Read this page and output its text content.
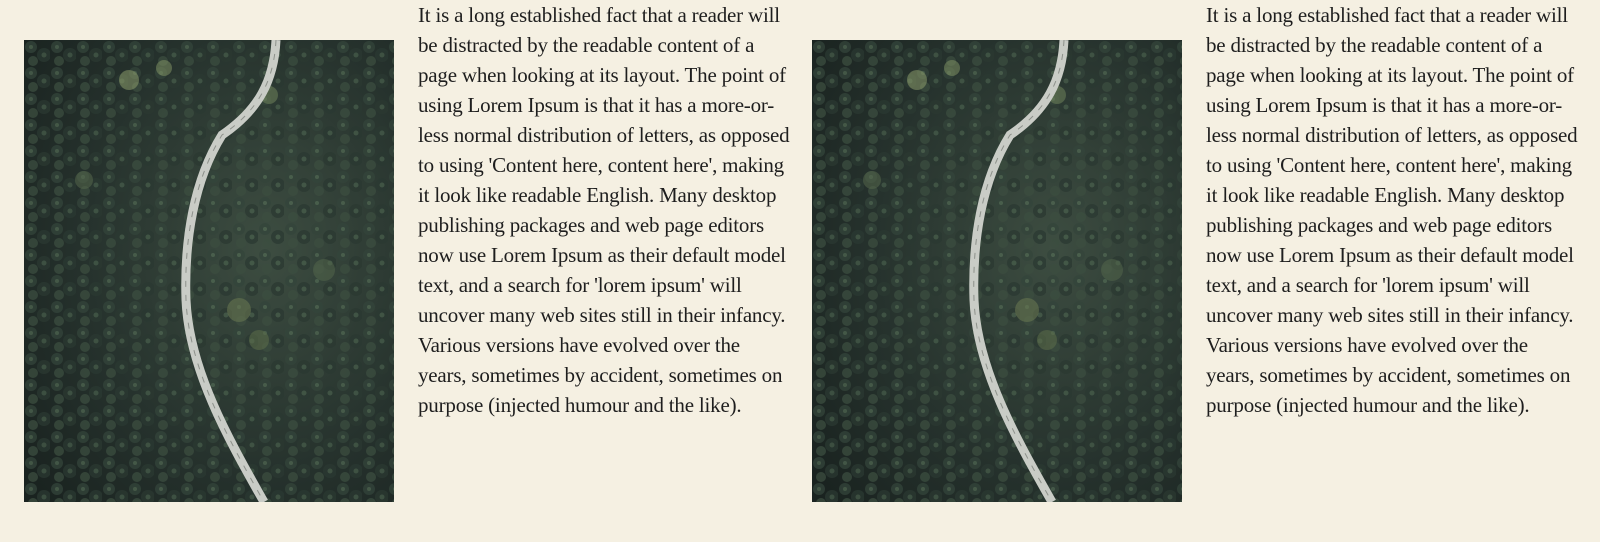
It is a long established fact that a reader will be distracted by the readable content of a page when looking at its layout. The point of using Lorem Ipsum is that it has a more-or-less normal distribution of letters, as opposed to using 'Content here, content here', making it look like readable English. Many desktop publishing packages and web page editors now use Lorem Ipsum as their default model text, and a search for 'lorem ipsum' will uncover many web sites still in their infancy. Various versions have evolved over the years, sometimes by accident, sometimes on purpose (injected humour and the like).

It is a long established fact that a reader will be distracted by the readable content of a page when looking at its layout. The point of using Lorem Ipsum is that it has a more-or-less normal distribution of letters, as opposed to using 'Content here, content here', making it look like readable English. Many desktop publishing packages and web page editors now use Lorem Ipsum as their default model text, and a search for 'lorem ipsum' will uncover many web sites still in their infancy. Various versions have evolved over the years, sometimes by accident, sometimes on purpose (injected humour and the like).
